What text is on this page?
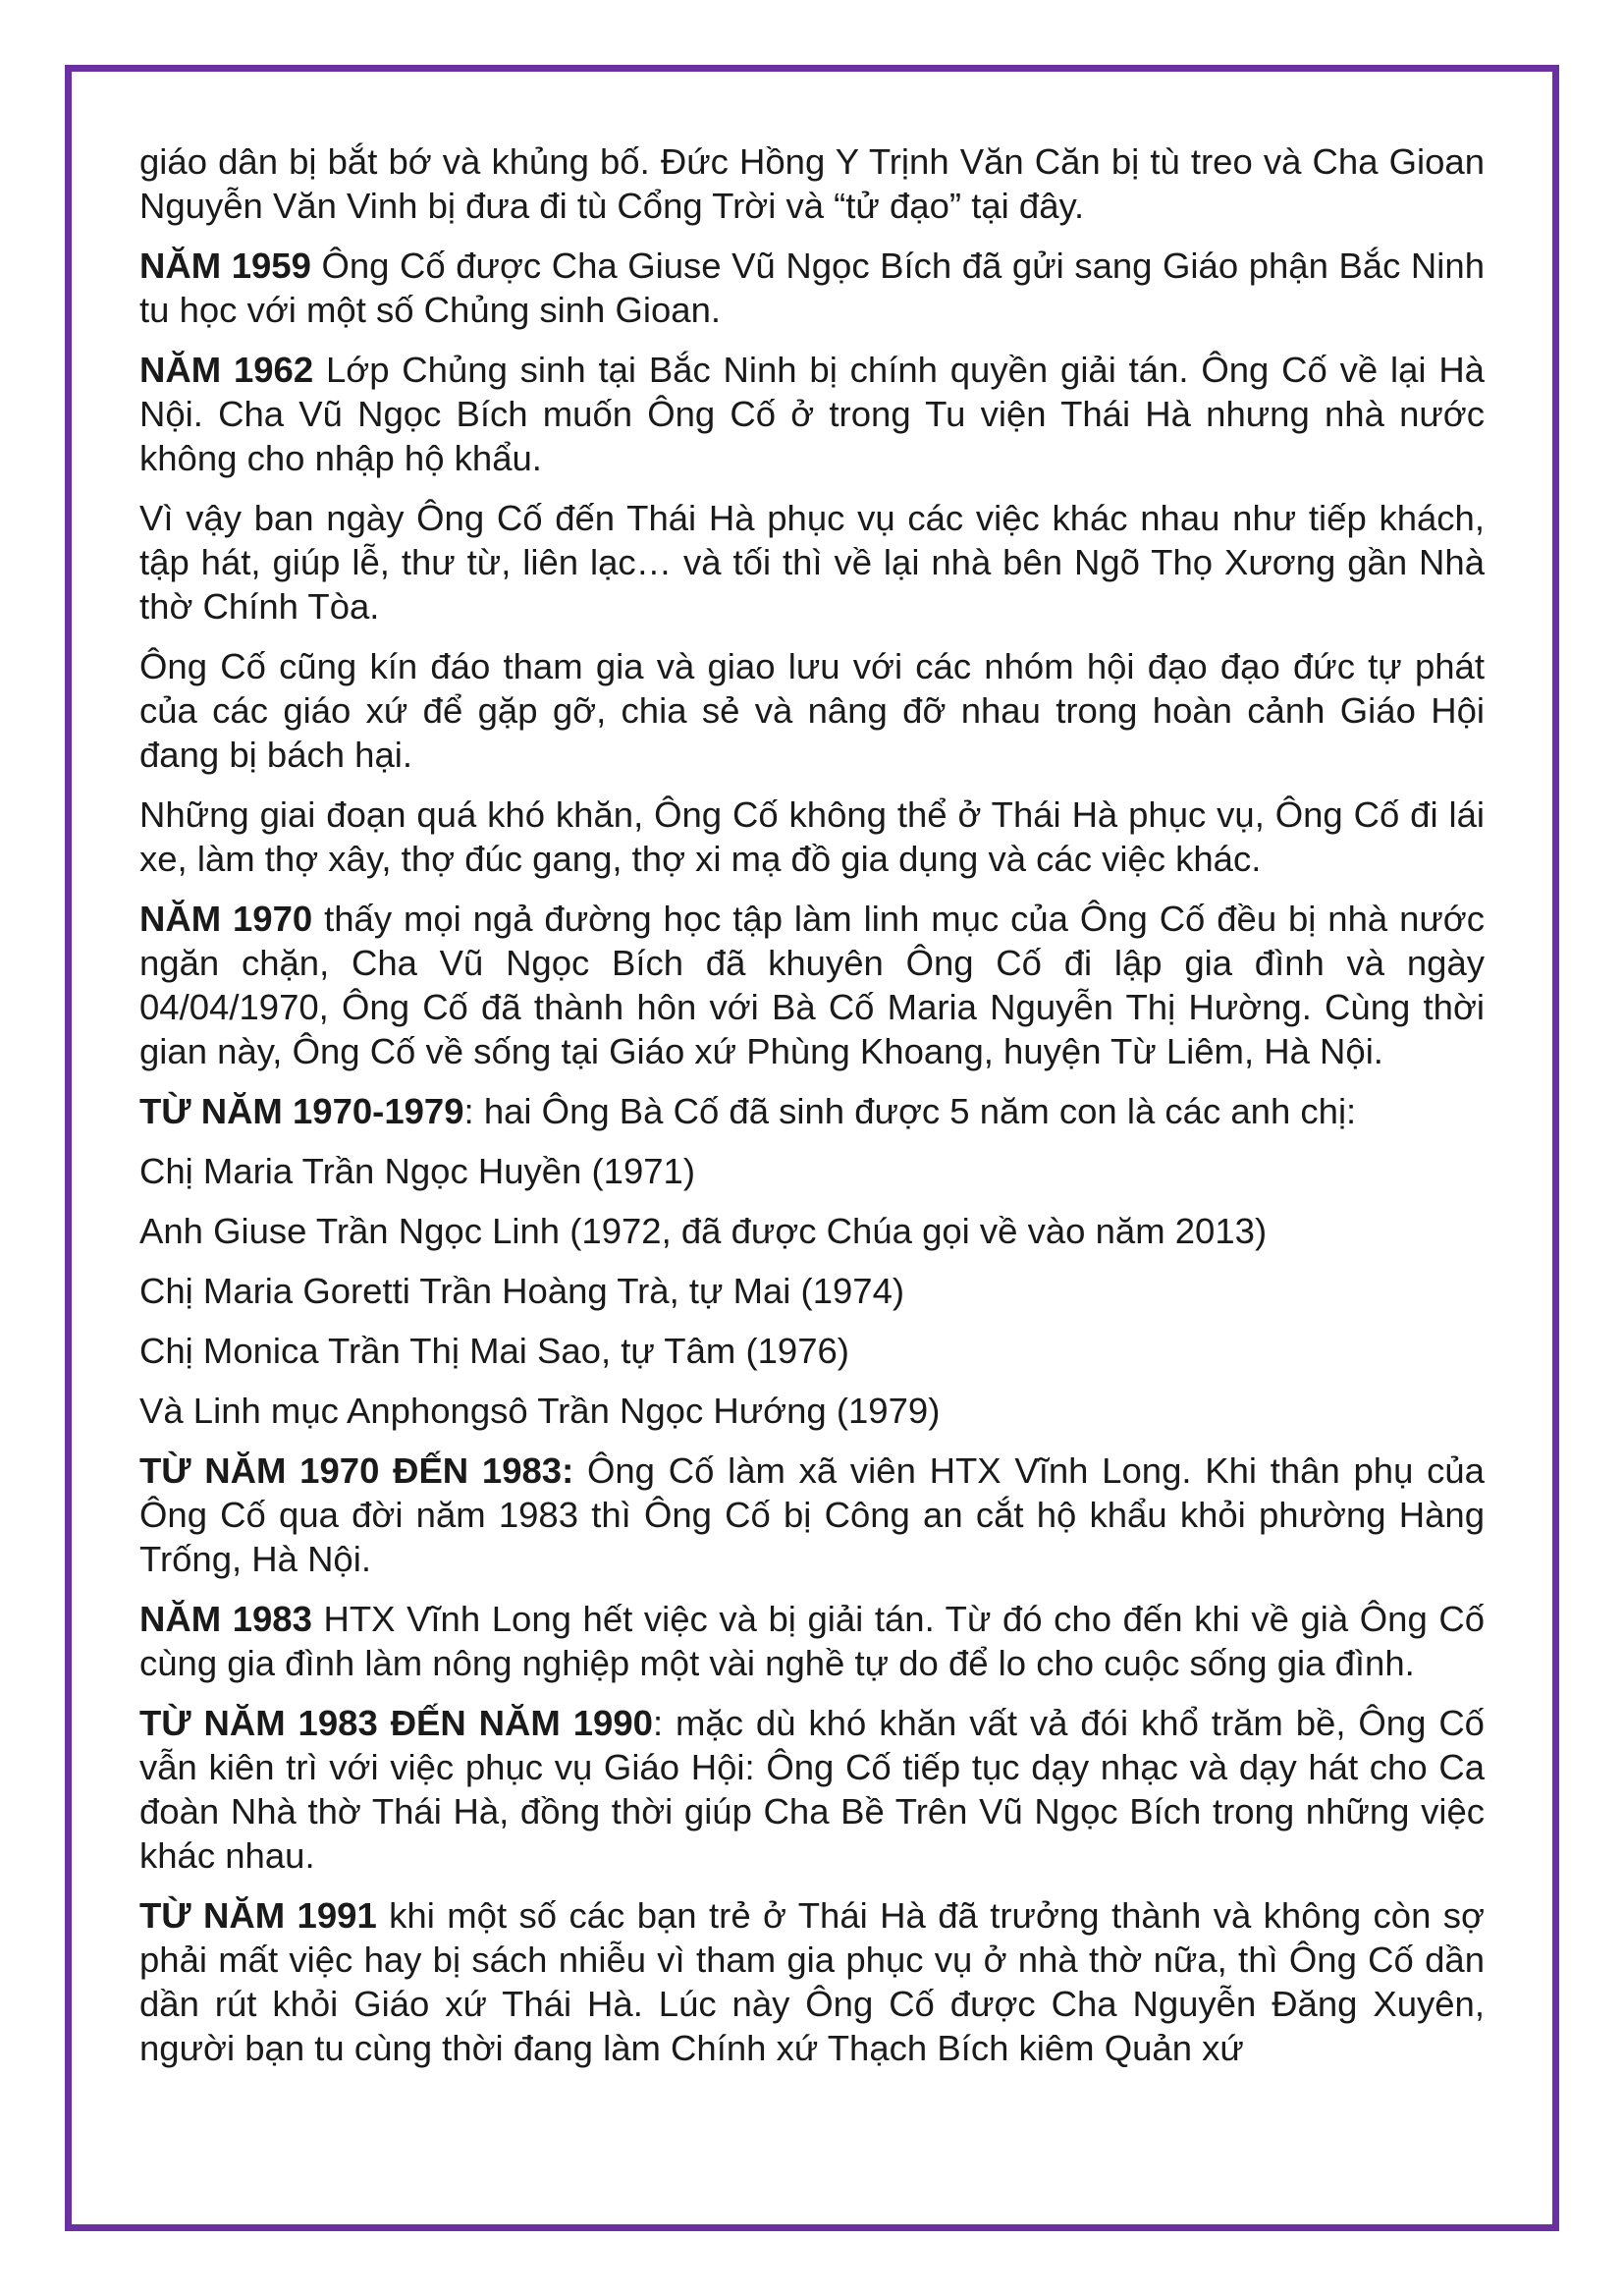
giáo dân bị bắt bớ và khủng bố. Đức Hồng Y Trịnh Văn Căn bị tù treo và Cha Gioan Nguyễn Văn Vinh bị đưa đi tù Cổng Trời và “tử đạo” tại đây.

NĂM 1959 Ông Cố được Cha Giuse Vũ Ngọc Bích đã gửi sang Giáo phận Bắc Ninh tu học với một số Chủng sinh Gioan.

NĂM 1962 Lớp Chủng sinh tại Bắc Ninh bị chính quyền giải tán. Ông Cố về lại Hà Nội. Cha Vũ Ngọc Bích muốn Ông Cố ở trong Tu viện Thái Hà nhưng nhà nước không cho nhập hộ khẩu.

Vì vậy ban ngày Ông Cố đến Thái Hà phục vụ các việc khác nhau như tiếp khách, tập hát, giúp lễ, thư từ, liên lạc… và tối thì về lại nhà bên Ngõ Thọ Xương gần Nhà thờ Chính Tòa.

Ông Cố cũng kín đáo tham gia và giao lưu với các nhóm hội đạo đạo đức tự phát của các giáo xứ để gặp gỡ, chia sẻ và nâng đỡ nhau trong hoàn cảnh Giáo Hội đang bị bách hại.

Những giai đoạn quá khó khăn, Ông Cố không thể ở Thái Hà phục vụ, Ông Cố đi lái xe, làm thợ xây, thợ đúc gang, thợ xi mạ đồ gia dụng và các việc khác.

NĂM 1970 thấy mọi ngả đường học tập làm linh mục của Ông Cố đều bị nhà nước ngăn chặn, Cha Vũ Ngọc Bích đã khuyên Ông Cố đi lập gia đình và ngày 04/04/1970, Ông Cố đã thành hôn với Bà Cố Maria Nguyễn Thị Hường. Cùng thời gian này, Ông Cố về sống tại Giáo xứ Phùng Khoang, huyện Từ Liêm, Hà Nội.

TỪ NĂM 1970-1979: hai Ông Bà Cố đã sinh được 5 năm con là các anh chị:

Chị Maria Trần Ngọc Huyền (1971)

Anh Giuse Trần Ngọc Linh (1972, đã được Chúa gọi về vào năm 2013)

Chị Maria Goretti Trần Hoàng Trà, tự Mai (1974)

Chị Monica Trần Thị Mai Sao, tự Tâm (1976)

Và Linh mục Anphongsô Trần Ngọc Hướng (1979)

TỪ NĂM 1970 ĐẾN 1983: Ông Cố làm xã viên HTX Vĩnh Long. Khi thân phụ của Ông Cố qua đời năm 1983 thì Ông Cố bị Công an cắt hộ khẩu khỏi phường Hàng Trống, Hà Nội.

NĂM 1983 HTX Vĩnh Long hết việc và bị giải tán. Từ đó cho đến khi về già Ông Cố cùng gia đình làm nông nghiệp một vài nghề tự do để lo cho cuộc sống gia đình.

TỪ NĂM 1983 ĐẾN NĂM 1990: mặc dù khó khăn vất vả đói khổ trăm bề, Ông Cố vẫn kiên trì với việc phục vụ Giáo Hội: Ông Cố tiếp tục dạy nhạc và dạy hát cho Ca đoàn Nhà thờ Thái Hà, đồng thời giúp Cha Bề Trên Vũ Ngọc Bích trong những việc khác nhau.

TỪ NĂM 1991 khi một số các bạn trẻ ở Thái Hà đã trưởng thành và không còn sợ phải mất việc hay bị sách nhiễu vì tham gia phục vụ ở nhà thờ nữa, thì Ông Cố dần dần rút khỏi Giáo xứ Thái Hà. Lúc này Ông Cố được Cha Nguyễn Đăng Xuyên, người bạn tu cùng thời đang làm Chính xứ Thạch Bích kiêm Quản xứ
